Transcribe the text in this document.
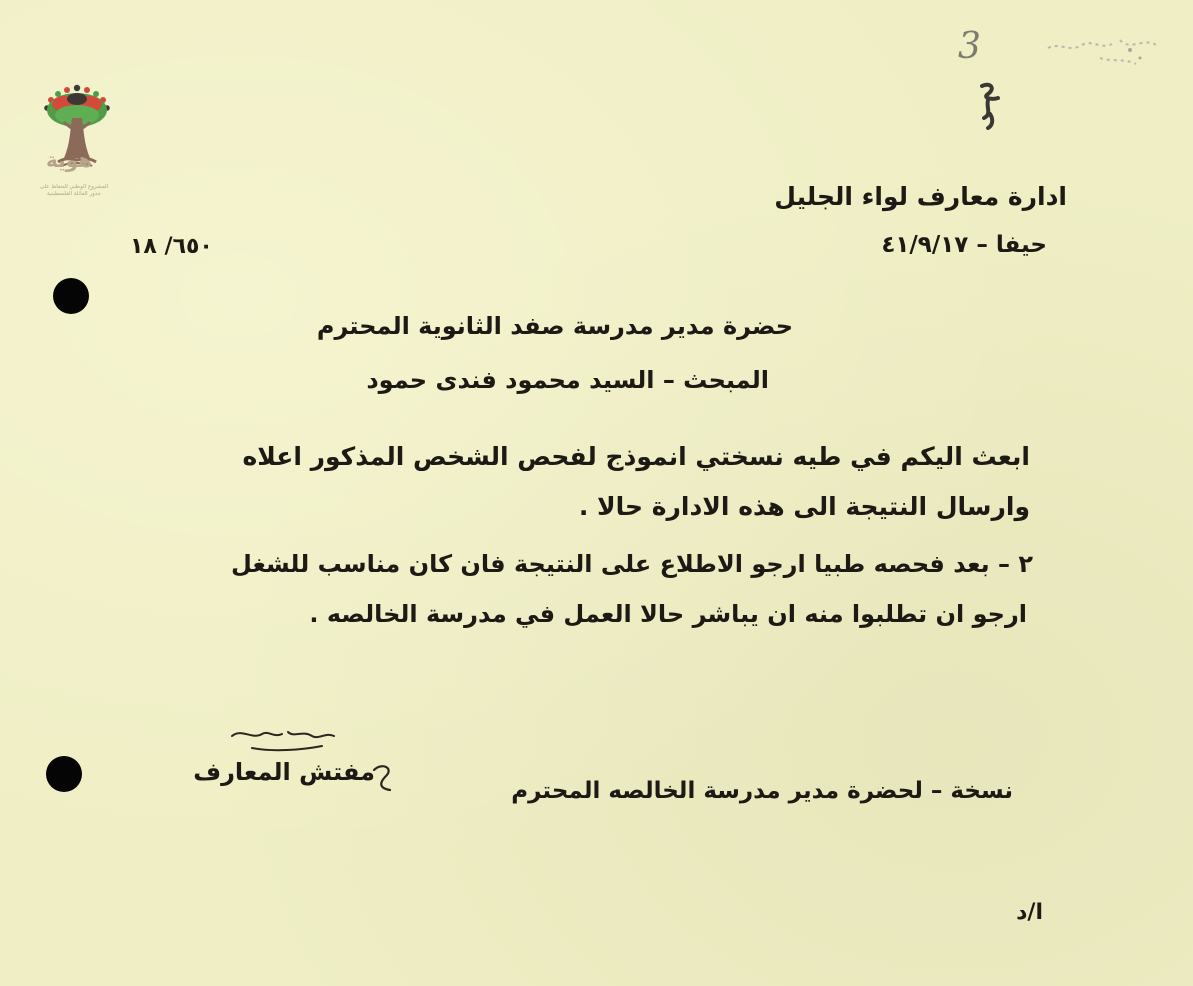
هوية
المشروع الوطني للحفاظ على
جذور العائلة الفلسطينية
3
ادارة معارف لواء الجليل
حيفا – ٤١/٩/١٧
٦٥٠/ ١٨
حضرة مدير مدرسة صفد الثانوية المحترم
المبحث – السيد محمود فندى حمود
ابعث اليكم في طيه نسختي انموذج لفحص الشخص المذكور اعلاه
وارسال النتيجة الى هذه الادارة حالا .
٢ – بعد فحصه طبيا ارجو الاطلاع على النتيجة فان كان مناسب للشغل
ارجو ان تطلبوا منه ان يباشر حالا العمل في مدرسة الخالصه .
مفتش المعارف
نسخة – لحضرة مدير مدرسة الخالصه المحترم
ا/د
